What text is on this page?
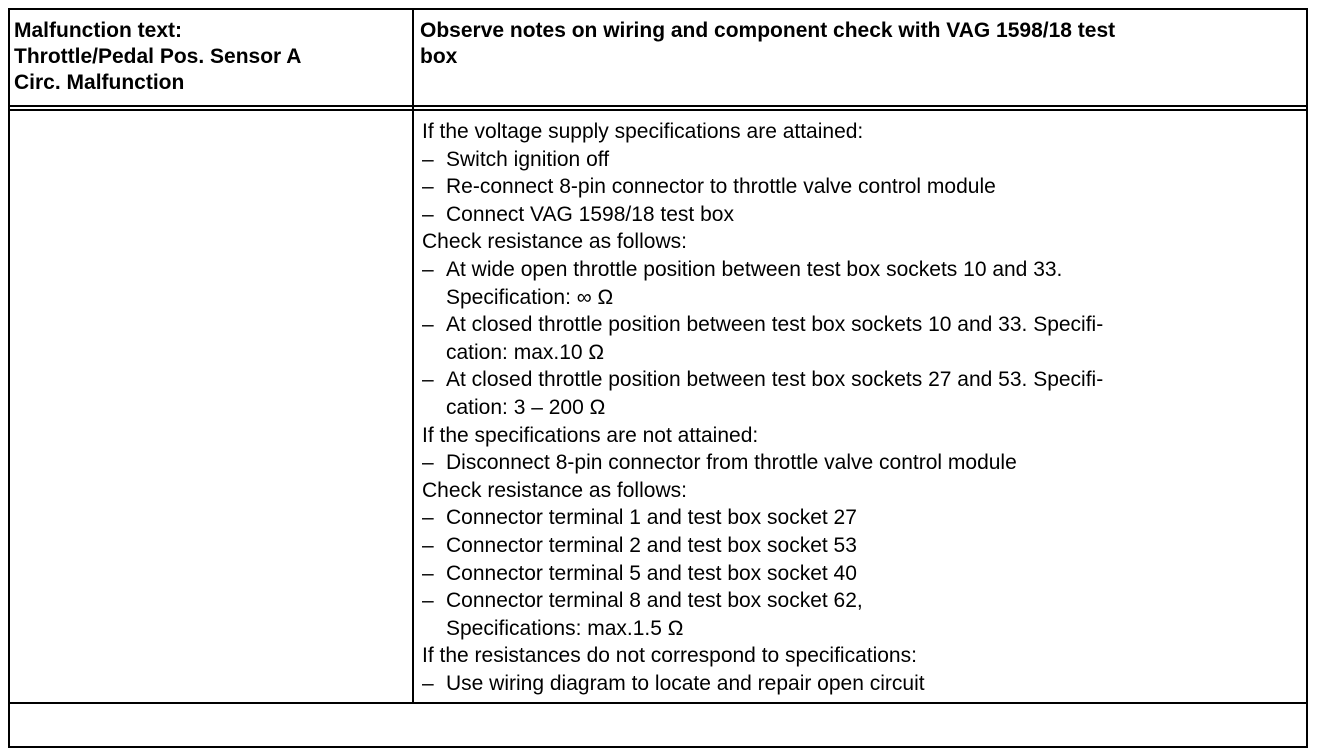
Malfunction text:
Throttle/Pedal Pos. Sensor A
Circ. Malfunction
Observe notes on wiring and component check with VAG 1598/18 test
box
If the voltage supply specifications are attained:
– Switch ignition off
– Re-connect 8-pin connector to throttle valve control module
– Connect VAG 1598/18 test box
Check resistance as follows:
– At wide open throttle position between test box sockets 10 and 33.
Specification: ∞ Ω
– At closed throttle position between test box sockets 10 and 33. Specifi-
cation: max.10 Ω
– At closed throttle position between test box sockets 27 and 53. Specifi-
cation: 3 – 200 Ω
If the specifications are not attained:
– Disconnect 8-pin connector from throttle valve control module
Check resistance as follows:
– Connector terminal 1 and test box socket 27
– Connector terminal 2 and test box socket 53
– Connector terminal 5 and test box socket 40
– Connector terminal 8 and test box socket 62,
Specifications: max.1.5 Ω
If the resistances do not correspond to specifications:
– Use wiring diagram to locate and repair open circuit
